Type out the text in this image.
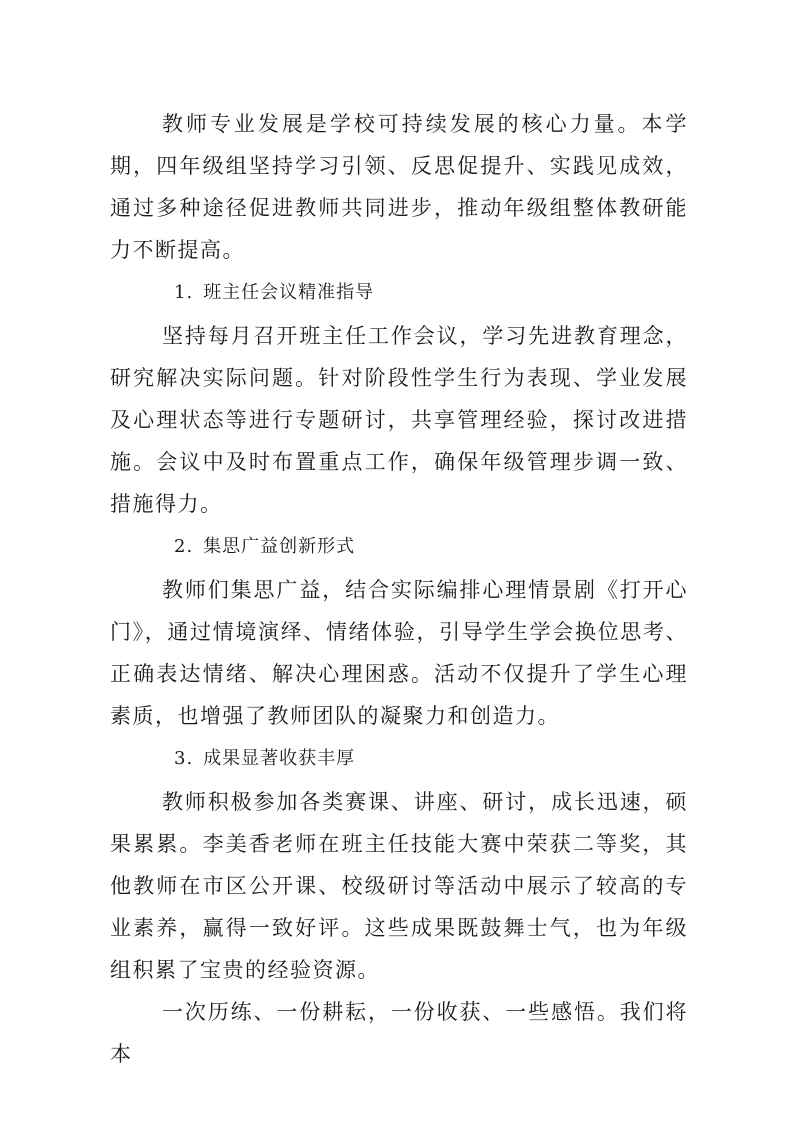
教师专业发展是学校可持续发展的核心力量。本学期，四年级组坚持学习引领、反思促提升、实践见成效，通过多种途径促进教师共同进步，推动年级组整体教研能力不断提高。

1. 班主任会议精准指导

坚持每月召开班主任工作会议，学习先进教育理念，研究解决实际问题。针对阶段性学生行为表现、学业发展及心理状态等进行专题研讨，共享管理经验，探讨改进措施。会议中及时布置重点工作，确保年级管理步调一致、措施得力。

2. 集思广益创新形式

教师们集思广益，结合实际编排心理情景剧《打开心门》，通过情境演绎、情绪体验，引导学生学会换位思考、正确表达情绪、解决心理困惑。活动不仅提升了学生心理素质，也增强了教师团队的凝聚力和创造力。

3. 成果显著收获丰厚

教师积极参加各类赛课、讲座、研讨，成长迅速，硕果累累。李美香老师在班主任技能大赛中荣获二等奖，其他教师在市区公开课、校级研讨等活动中展示了较高的专业素养，赢得一致好评。这些成果既鼓舞士气，也为年级组积累了宝贵的经验资源。

一次历练、一份耕耘，一份收获、一些感悟。我们将本
